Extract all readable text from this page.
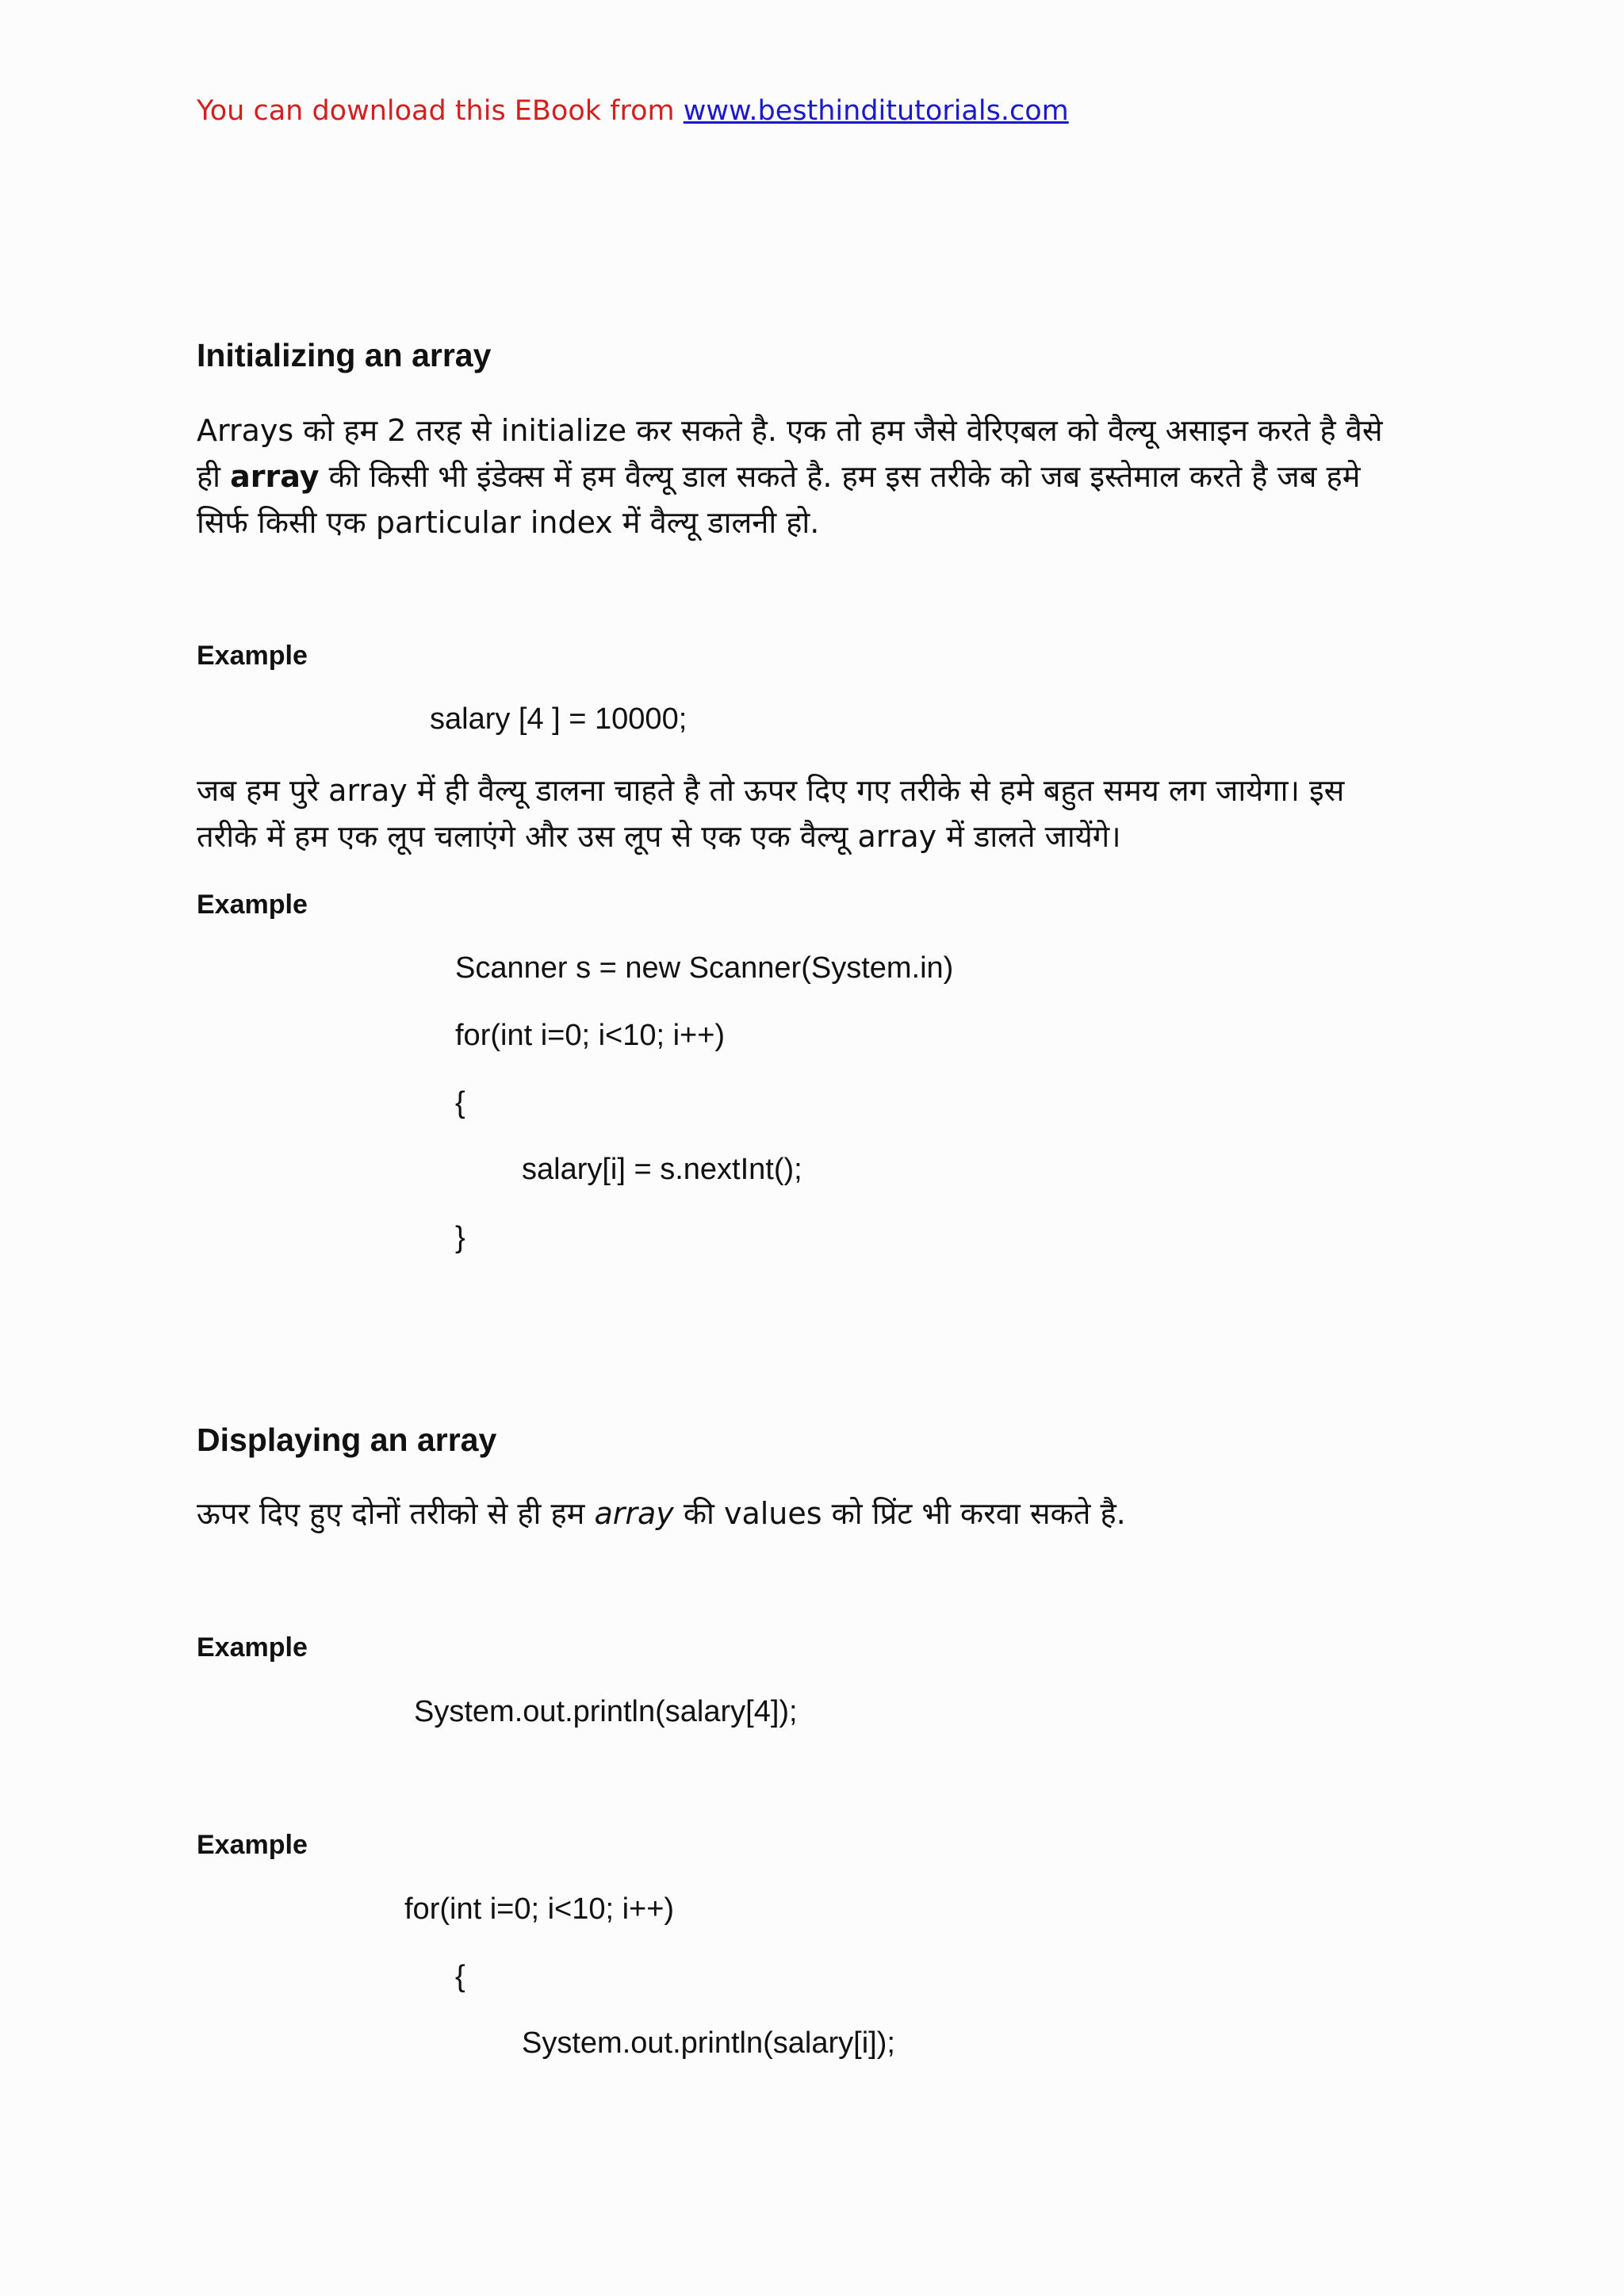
You can download this EBook from www.besthinditutorials.com
Initializing an array
Arrays को हम 2 तरह से initialize कर सकते है. एक तो हम जैसे वेरिएबल को वैल्यू असाइन करते है वैसे
ही array की किसी भी इंडेक्स में हम वैल्यू डाल सकते है. हम इस तरीके को जब इस्तेमाल करते है जब हमे
सिर्फ किसी एक particular index में वैल्यू डालनी हो.
Example
salary [4 ] = 10000;
जब हम पुरे array में ही वैल्यू डालना चाहते है तो ऊपर दिए गए तरीके से हमे बहुत समय लग जायेगा। इस
तरीके में हम एक लूप चलाएंगे और उस लूप से एक एक वैल्यू array में डालते जायेंगे।
Example
Scanner s = new Scanner(System.in)
for(int i=0; i<10; i++)
{
salary[i] = s.nextInt();
}
Displaying an array
ऊपर दिए हुए दोनों तरीको से ही हम array की values को प्रिंट भी करवा सकते है.
Example
System.out.println(salary[4]);
Example
for(int i=0; i<10; i++)
{
System.out.println(salary[i]);
